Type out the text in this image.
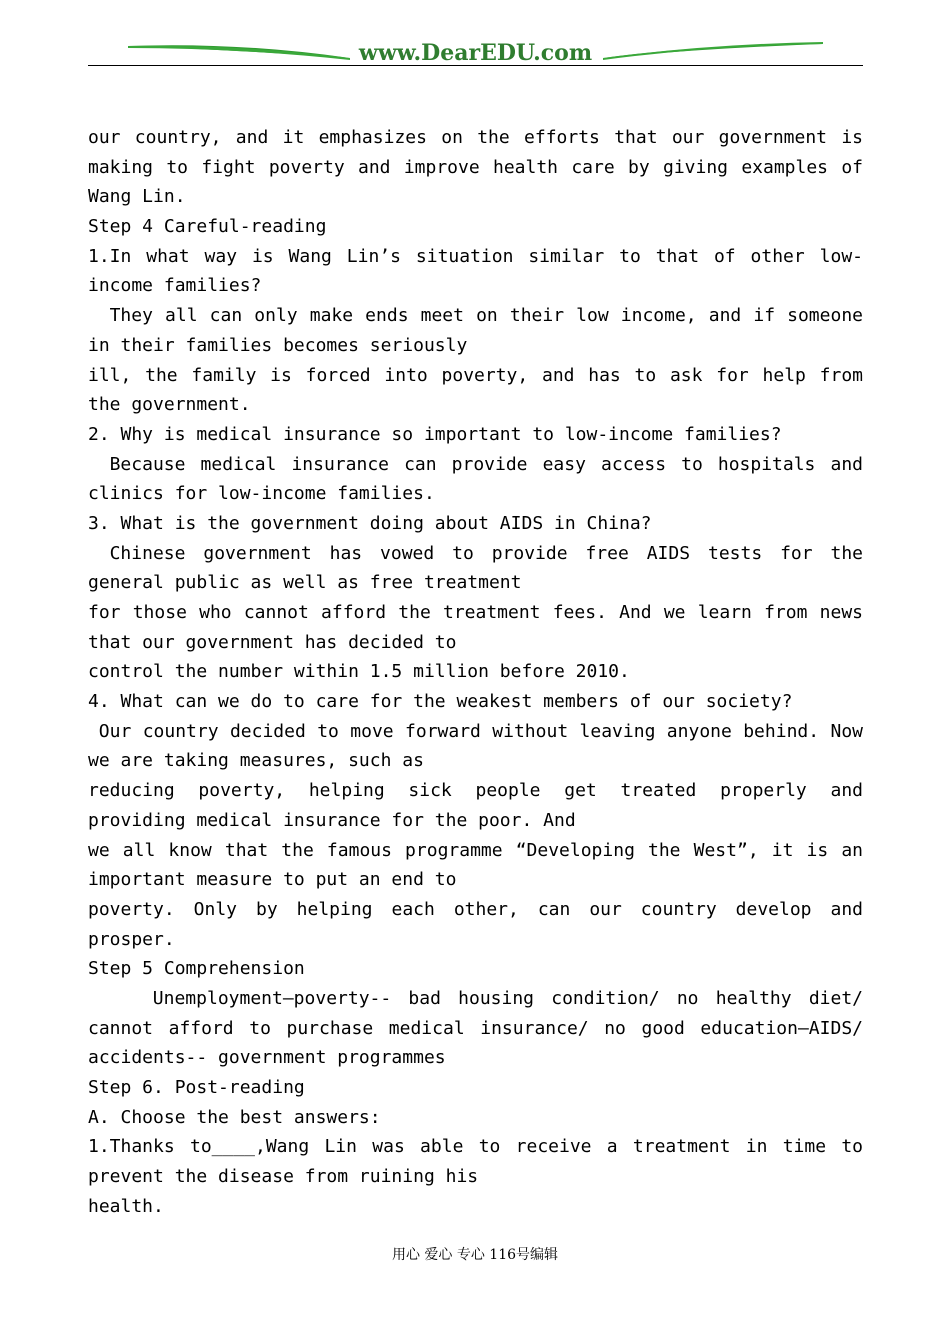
www.DearEDU.com
our country, and it emphasizes on the efforts that our government is
making to fight poverty and improve health care by giving examples of
Wang Lin.
Step 4 Careful-reading
1.In what way is Wang Lin’s situation similar to that of other low-
income families?
They all can only make ends meet on their low income, and if someone
in their families becomes seriously
ill, the family is forced into poverty, and has to ask for help from
the government.
2. Why is medical insurance so important to low-income families?
Because medical insurance can provide easy access to hospitals and
clinics for low-income families.
3. What is the government doing about AIDS in China?
Chinese government has vowed to provide free AIDS tests for the
general public as well as free treatment
for those who cannot afford the treatment fees. And we learn from news
that our government has decided to
control the number within 1.5 million before 2010.
4. What can we do to care for the weakest members of our society?
Our country decided to move forward without leaving anyone behind. Now
we are taking measures, such as
reducing poverty, helping sick people get treated properly and
providing medical insurance for the poor. And
we all know that the famous programme “Developing the West”, it is an
important measure to put an end to
poverty. Only by helping each other, can our country develop and
prosper.
Step 5 Comprehension
Unemployment—poverty-- bad housing condition/ no healthy diet/
cannot afford to purchase medical insurance/ no good education—AIDS/
accidents-- government programmes
Step 6. Post-reading
A. Choose the best answers:
1.Thanks to____,Wang Lin was able to receive a treatment in time to
prevent the disease from ruining his
health.
用心 爱心 专心 116号编辑
